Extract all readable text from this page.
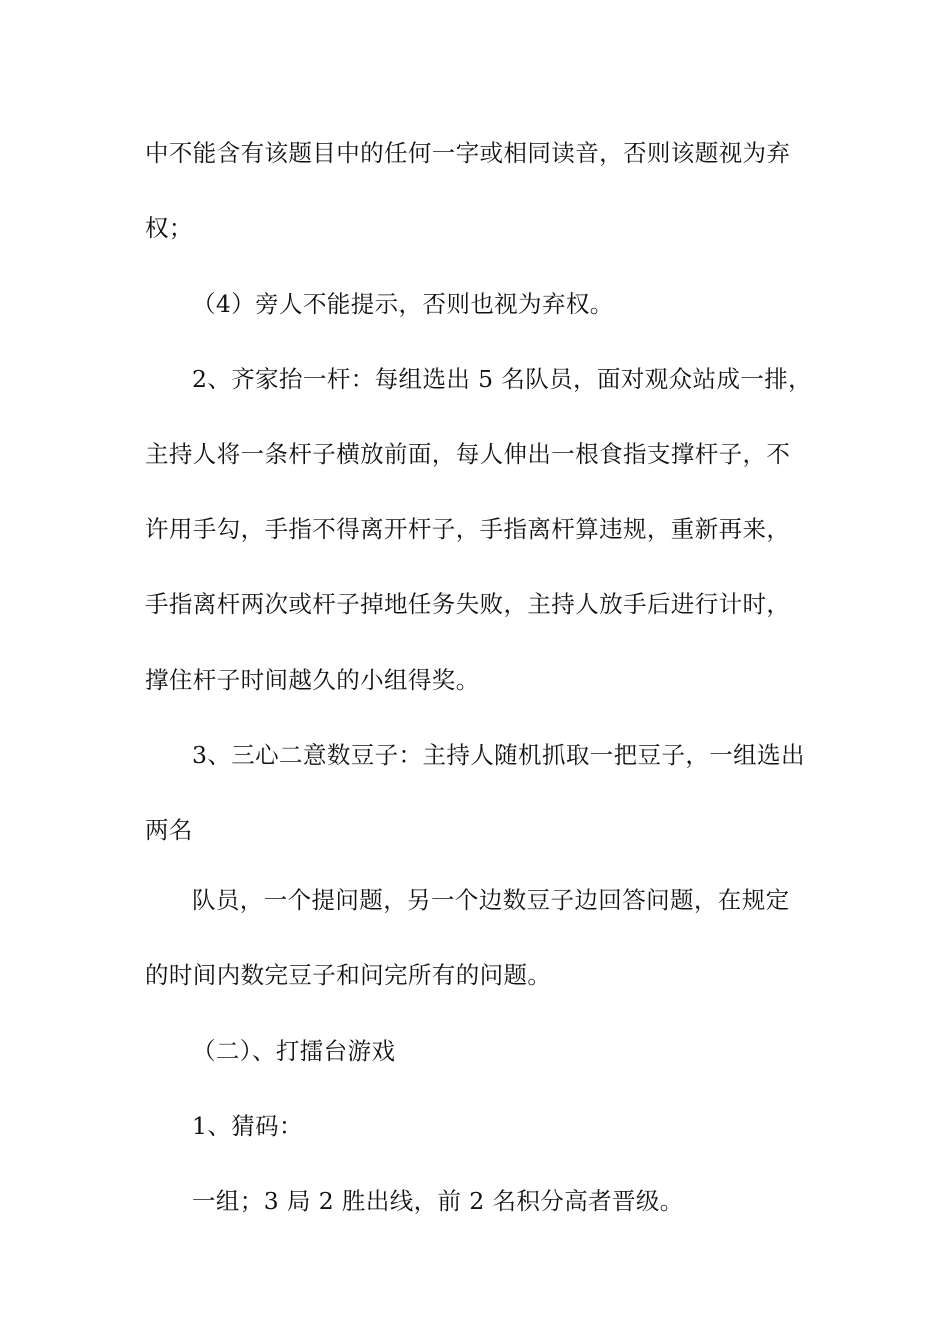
中不能含有该题目中的任何一字或相同读音，否则该题视为弃
权；
（4）旁人不能提示，否则也视为弃权。
2、齐家抬一杆：每组选出 5 名队员，面对观众站成一排，
主持人将一条杆子横放前面，每人伸出一根食指支撑杆子，不
许用手勾，手指不得离开杆子，手指离杆算违规，重新再来，
手指离杆两次或杆子掉地任务失败，主持人放手后进行计时，
撑住杆子时间越久的小组得奖。
3、三心二意数豆子：主持人随机抓取一把豆子，一组选出
两名
队员，一个提问题，另一个边数豆子边回答问题，在规定
的时间内数完豆子和问完所有的问题。
（二）、打擂台游戏
1、猜码：
一组；3 局 2 胜出线，前 2 名积分高者晋级。
